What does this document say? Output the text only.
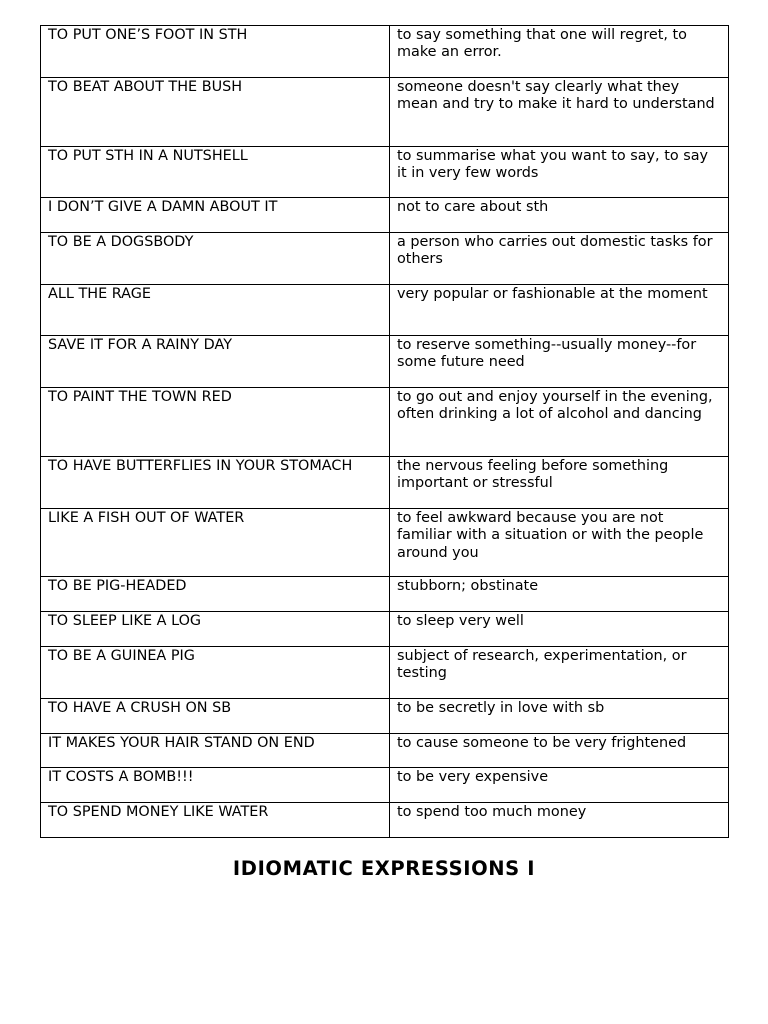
TO PUT ONE’S FOOT IN STH	to say something that one will regret, to make an error.
TO BEAT ABOUT THE BUSH	someone doesn't say clearly what they mean and try to make it hard to understand
TO PUT STH IN A NUTSHELL	to summarise what you want to say, to say it in very few words
I DON’T GIVE A DAMN ABOUT IT	not to care about sth
TO BE A DOGSBODY	a person who carries out domestic tasks for others
ALL THE RAGE	very popular or fashionable at the moment
SAVE IT FOR A RAINY DAY	to reserve something--usually money--for some future need
TO PAINT THE TOWN RED	to go out and enjoy yourself in the evening, often drinking a lot of alcohol and dancing
TO HAVE BUTTERFLIES IN YOUR STOMACH	the nervous feeling before something important or stressful
LIKE A FISH OUT OF WATER	to feel awkward because you are not familiar with a situation or with the people around you
TO BE PIG-HEADED	stubborn; obstinate
TO SLEEP LIKE A LOG	to sleep very well
TO BE A GUINEA PIG	subject of research, experimentation, or testing
TO HAVE A CRUSH ON SB	to be secretly in love with sb
IT MAKES YOUR HAIR STAND ON END	to cause someone to be very frightened
IT COSTS A BOMB!!!	to be very expensive
TO SPEND MONEY LIKE WATER	to spend too much money
IDIOMATIC EXPRESSIONS I
